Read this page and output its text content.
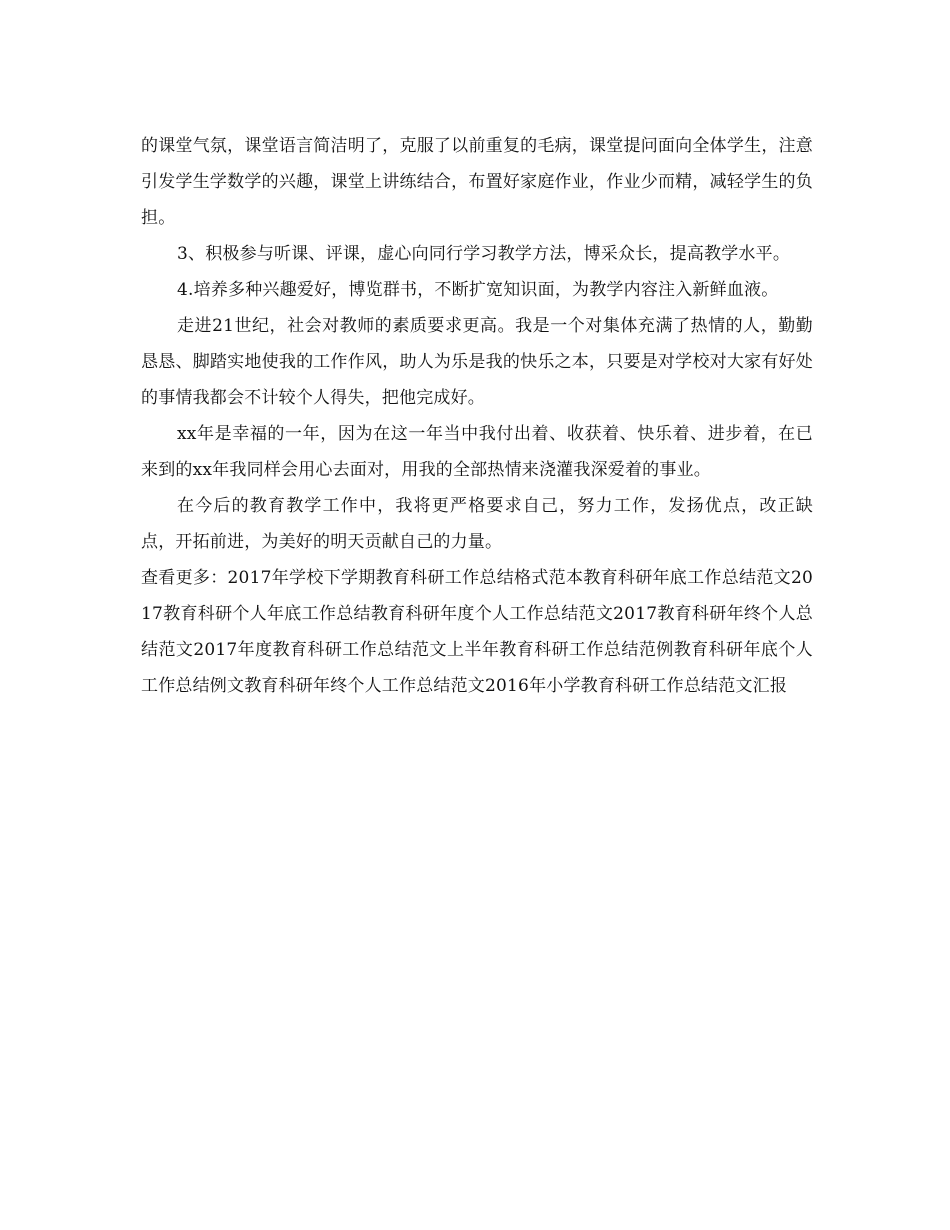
的课堂气氛，课堂语言简洁明了，克服了以前重复的毛病，课堂提问面向全体学生，注意引发学生学数学的兴趣，课堂上讲练结合，布置好家庭作业，作业少而精，减轻学生的负担。

3、积极参与听课、评课，虚心向同行学习教学方法，博采众长，提高教学水平。

4.培养多种兴趣爱好，博览群书，不断扩宽知识面，为教学内容注入新鲜血液。

走进21世纪，社会对教师的素质要求更高。我是一个对集体充满了热情的人，勤勤恳恳、脚踏实地使我的工作作风，助人为乐是我的快乐之本，只要是对学校对大家有好处的事情我都会不计较个人得失，把他完成好。

xx年是幸福的一年，因为在这一年当中我付出着、收获着、快乐着、进步着，在已来到的xx年我同样会用心去面对，用我的全部热情来浇灌我深爱着的事业。

在今后的教育教学工作中，我将更严格要求自己，努力工作，发扬优点，改正缺点，开拓前进，为美好的明天贡献自己的力量。

查看更多：2017年学校下学期教育科研工作总结格式范本教育科研年底工作总结范文2017教育科研个人年底工作总结教育科研年度个人工作总结范文2017教育科研年终个人总结范文2017年度教育科研工作总结范文上半年教育科研工作总结范例教育科研年底个人工作总结例文教育科研年终个人工作总结范文2016年小学教育科研工作总结范文汇报
